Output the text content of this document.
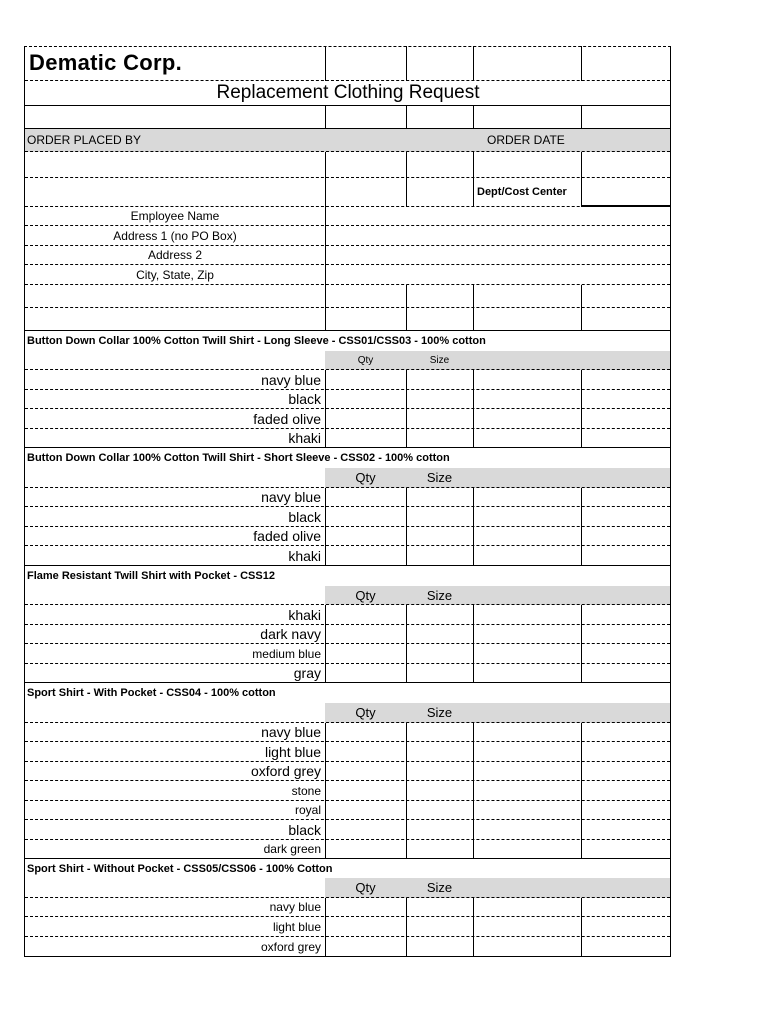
Dematic Corp.
Replacement Clothing Request
ORDER PLACED BY	ORDER DATE
Dept/Cost Center
Employee Name
Address 1 (no PO Box)
Address 2
City, State, Zip
Button Down Collar 100% Cotton Twill Shirt - Long Sleeve - CSS01/CSS03 - 100% cotton
Qty	Size
navy blue
black
faded olive
khaki
Button Down Collar 100% Cotton Twill Shirt - Short Sleeve - CSS02 - 100% cotton
Qty	Size
navy blue
black
faded olive
khaki
Flame Resistant Twill Shirt with Pocket - CSS12
Qty	Size
khaki
dark navy
medium blue
gray
Sport Shirt - With Pocket - CSS04 - 100% cotton
Qty	Size
navy blue
light blue
oxford grey
stone
royal
black
dark green
Sport Shirt - Without Pocket - CSS05/CSS06 - 100% Cotton
Qty	Size
navy blue
light blue
oxford grey
